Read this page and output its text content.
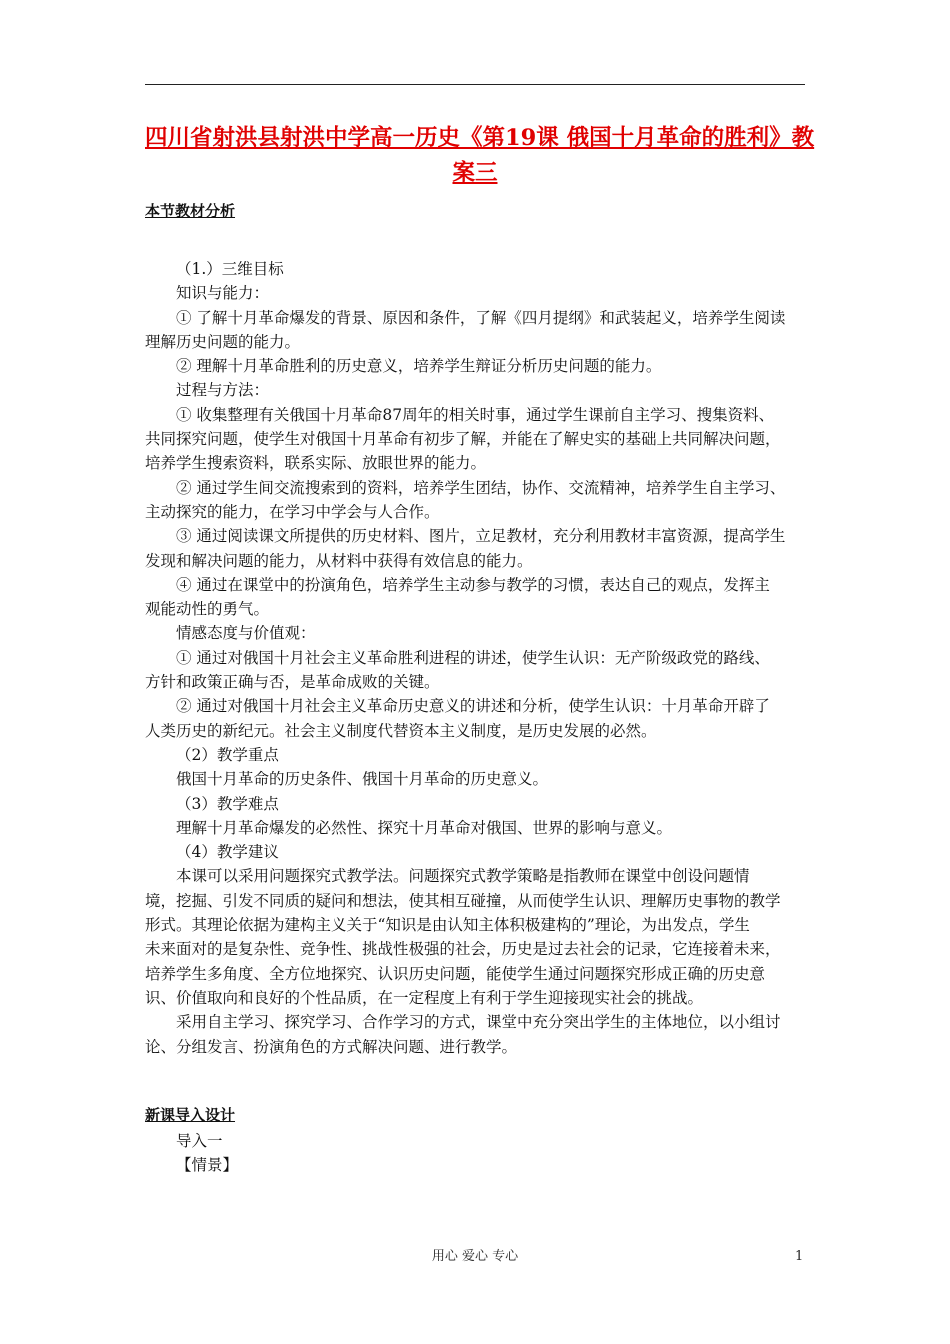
四川省射洪县射洪中学高一历史《第19课 俄国十月革命的胜利》教
案三
本节教材分析
（1.）三维目标
知识与能力：
① 了解十月革命爆发的背景、原因和条件，了解《四月提纲》和武装起义，培养学生阅读
理解历史问题的能力。
② 理解十月革命胜利的历史意义，培养学生辩证分析历史问题的能力。
过程与方法：
① 收集整理有关俄国十月革命87周年的相关时事，通过学生课前自主学习、搜集资料、
共同探究问题，使学生对俄国十月革命有初步了解，并能在了解史实的基础上共同解决问题，
培养学生搜索资料，联系实际、放眼世界的能力。
② 通过学生间交流搜索到的资料，培养学生团结，协作、交流精神，培养学生自主学习、
主动探究的能力，在学习中学会与人合作。
③ 通过阅读课文所提供的历史材料、图片，立足教材，充分利用教材丰富资源，提高学生
发现和解决问题的能力，从材料中获得有效信息的能力。
④ 通过在课堂中的扮演角色，培养学生主动参与教学的习惯，表达自己的观点，发挥主
观能动性的勇气。
情感态度与价值观：
① 通过对俄国十月社会主义革命胜利进程的讲述，使学生认识：无产阶级政党的路线、
方针和政策正确与否，是革命成败的关键。
② 通过对俄国十月社会主义革命历史意义的讲述和分析，使学生认识：十月革命开辟了
人类历史的新纪元。社会主义制度代替资本主义制度，是历史发展的必然。
（2）教学重点
俄国十月革命的历史条件、俄国十月革命的历史意义。
（3）教学难点
理解十月革命爆发的必然性、探究十月革命对俄国、世界的影响与意义。
（4）教学建议
本课可以采用问题探究式教学法。问题探究式教学策略是指教师在课堂中创设问题情
境，挖掘、引发不同质的疑问和想法，使其相互碰撞，从而使学生认识、理解历史事物的教学
形式。其理论依据为建构主义关于“知识是由认知主体积极建构的”理论，为出发点，学生
未来面对的是复杂性、竞争性、挑战性极强的社会，历史是过去社会的记录，它连接着未来，
培养学生多角度、全方位地探究、认识历史问题，能使学生通过问题探究形成正确的历史意
识、价值取向和良好的个性品质，在一定程度上有利于学生迎接现实社会的挑战。
采用自主学习、探究学习、合作学习的方式，课堂中充分突出学生的主体地位，以小组讨
论、分组发言、扮演角色的方式解决问题、进行教学。
新课导入设计
导入一
【情景】
用心 爱心 专心	1
